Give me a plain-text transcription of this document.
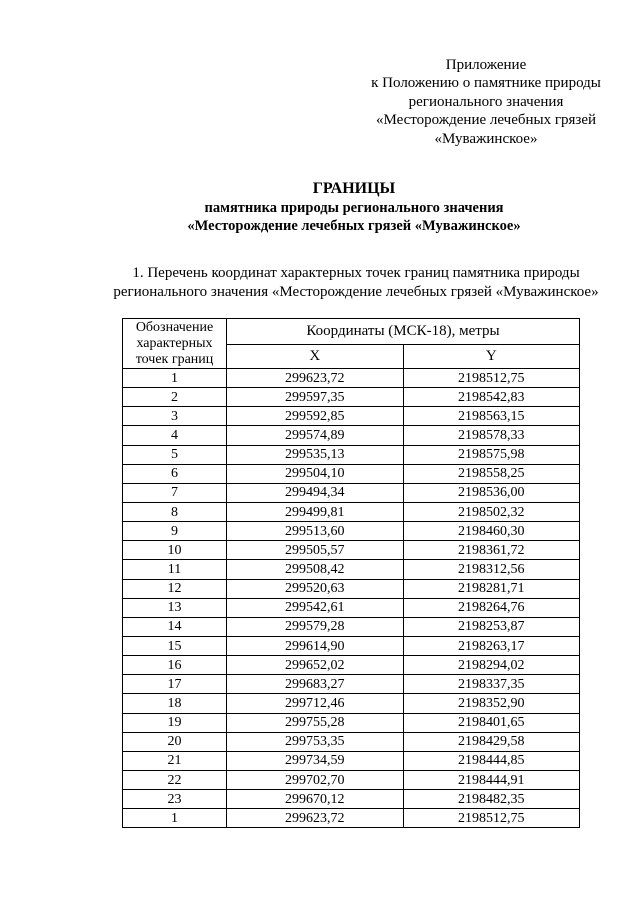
Приложение
к Положению о памятнике природы
регионального значения
«Месторождение лечебных грязей
«Муважинское»
ГРАНИЦЫ
памятника природы регионального значения
«Месторождение лечебных грязей «Муважинское»
1. Перечень координат характерных точек границ памятника природы
регионального значения «Месторождение лечебных грязей «Муважинское»
Обозначение
характерных
точек границ	Координаты (МСК-18), метры	
	X	Y
1	299623,72	2198512,75
2	299597,35	2198542,83
3	299592,85	2198563,15
4	299574,89	2198578,33
5	299535,13	2198575,98
6	299504,10	2198558,25
7	299494,34	2198536,00
8	299499,81	2198502,32
9	299513,60	2198460,30
10	299505,57	2198361,72
11	299508,42	2198312,56
12	299520,63	2198281,71
13	299542,61	2198264,76
14	299579,28	2198253,87
15	299614,90	2198263,17
16	299652,02	2198294,02
17	299683,27	2198337,35
18	299712,46	2198352,90
19	299755,28	2198401,65
20	299753,35	2198429,58
21	299734,59	2198444,85
22	299702,70	2198444,91
23	299670,12	2198482,35
1	299623,72	2198512,75
